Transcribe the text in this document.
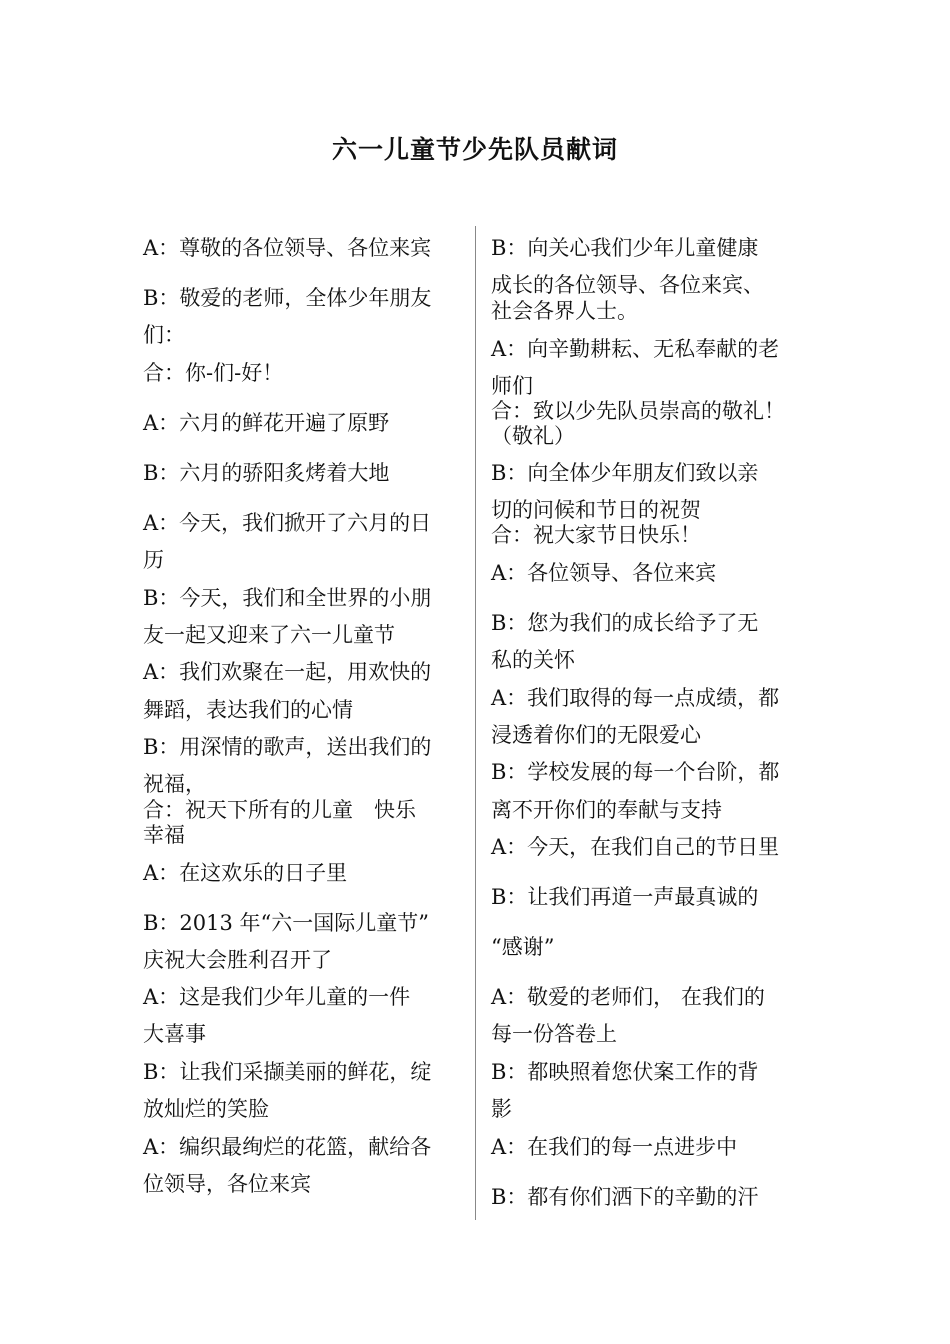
六一儿童节少先队员献词
A：尊敬的各位领导、各位来宾
B：敬爱的老师，全体少年朋友
们：
合：你-们-好！
A：六月的鲜花开遍了原野
B：六月的骄阳炙烤着大地
A：今天，我们掀开了六月的日
历
B：今天，我们和全世界的小朋
友一起又迎来了六一儿童节
A：我们欢聚在一起，用欢快的
舞蹈，表达我们的心情
B：用深情的歌声，送出我们的
祝福，
合：祝天下所有的儿童　快乐
幸福
A：在这欢乐的日子里
B：2013 年“六一国际儿童节”
庆祝大会胜利召开了
A：这是我们少年儿童的一件
大喜事
B：让我们采撷美丽的鲜花，绽
放灿烂的笑脸
A：编织最绚烂的花篮，献给各
位领导，各位来宾
B：向关心我们少年儿童健康
成长的各位领导、各位来宾、
社会各界人士。
A：向辛勤耕耘、无私奉献的老
师们
合：致以少先队员崇高的敬礼！
（敬礼）
B：向全体少年朋友们致以亲
切的问候和节日的祝贺
合：祝大家节日快乐！
A：各位领导、各位来宾
B：您为我们的成长给予了无
私的关怀
A：我们取得的每一点成绩，都
浸透着你们的无限爱心
B：学校发展的每一个台阶，都
离不开你们的奉献与支持
A：今天，在我们自己的节日里
B：让我们再道一声最真诚的
“感谢”
A：敬爱的老师们， 在我们的
每一份答卷上
B：都映照着您伏案工作的背
影
A：在我们的每一点进步中
B：都有你们洒下的辛勤的汗
